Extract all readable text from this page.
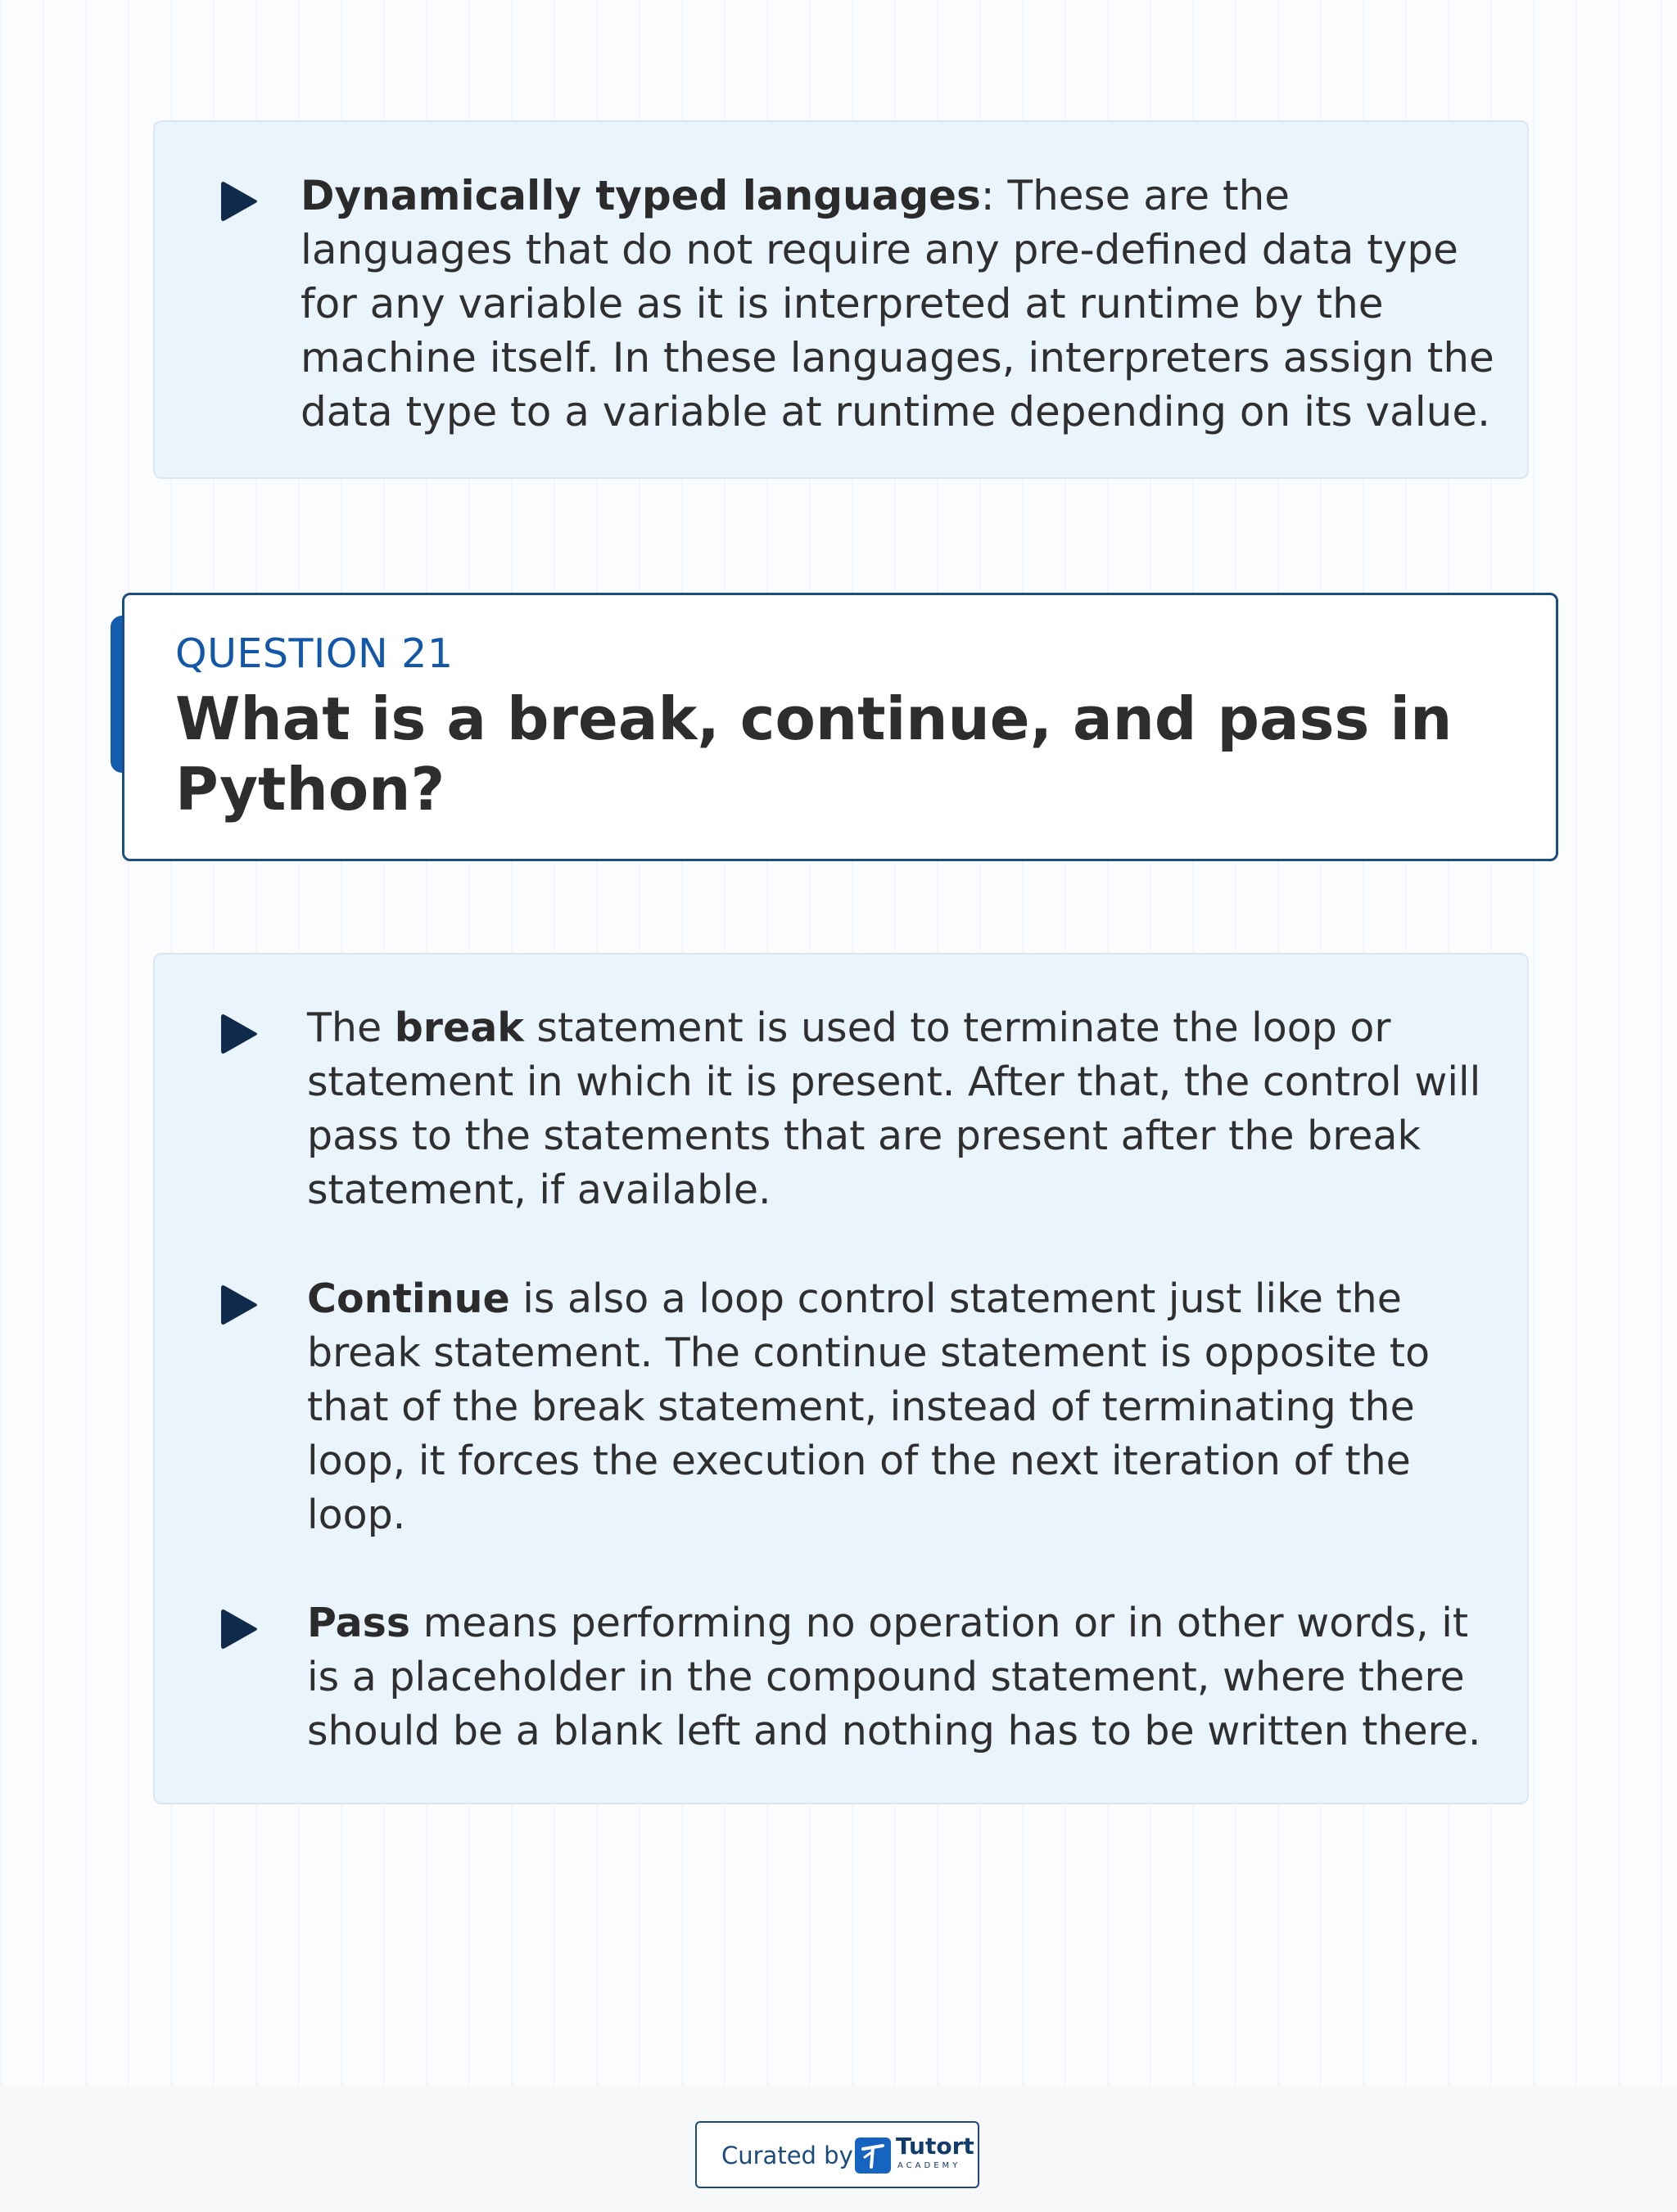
Dynamically typed languages: These are the languages that do not require any pre-defined data type for any variable as it is interpreted at runtime by the machine itself. In these languages, interpreters assign the data type to a variable at runtime depending on its value.
QUESTION 21
What is a break, continue, and pass in Python?
The break statement is used to terminate the loop or statement in which it is present. After that, the control will pass to the statements that are present after the break statement, if available.
Continue is also a loop control statement just like the break statement. The continue statement is opposite to that of the break statement, instead of terminating the loop, it forces the execution of the next iteration of the loop.
Pass means performing no operation or in other words, it is a placeholder in the compound statement, where there should be a blank left and nothing has to be written there.
Curated by Tutort
ACADEMY
